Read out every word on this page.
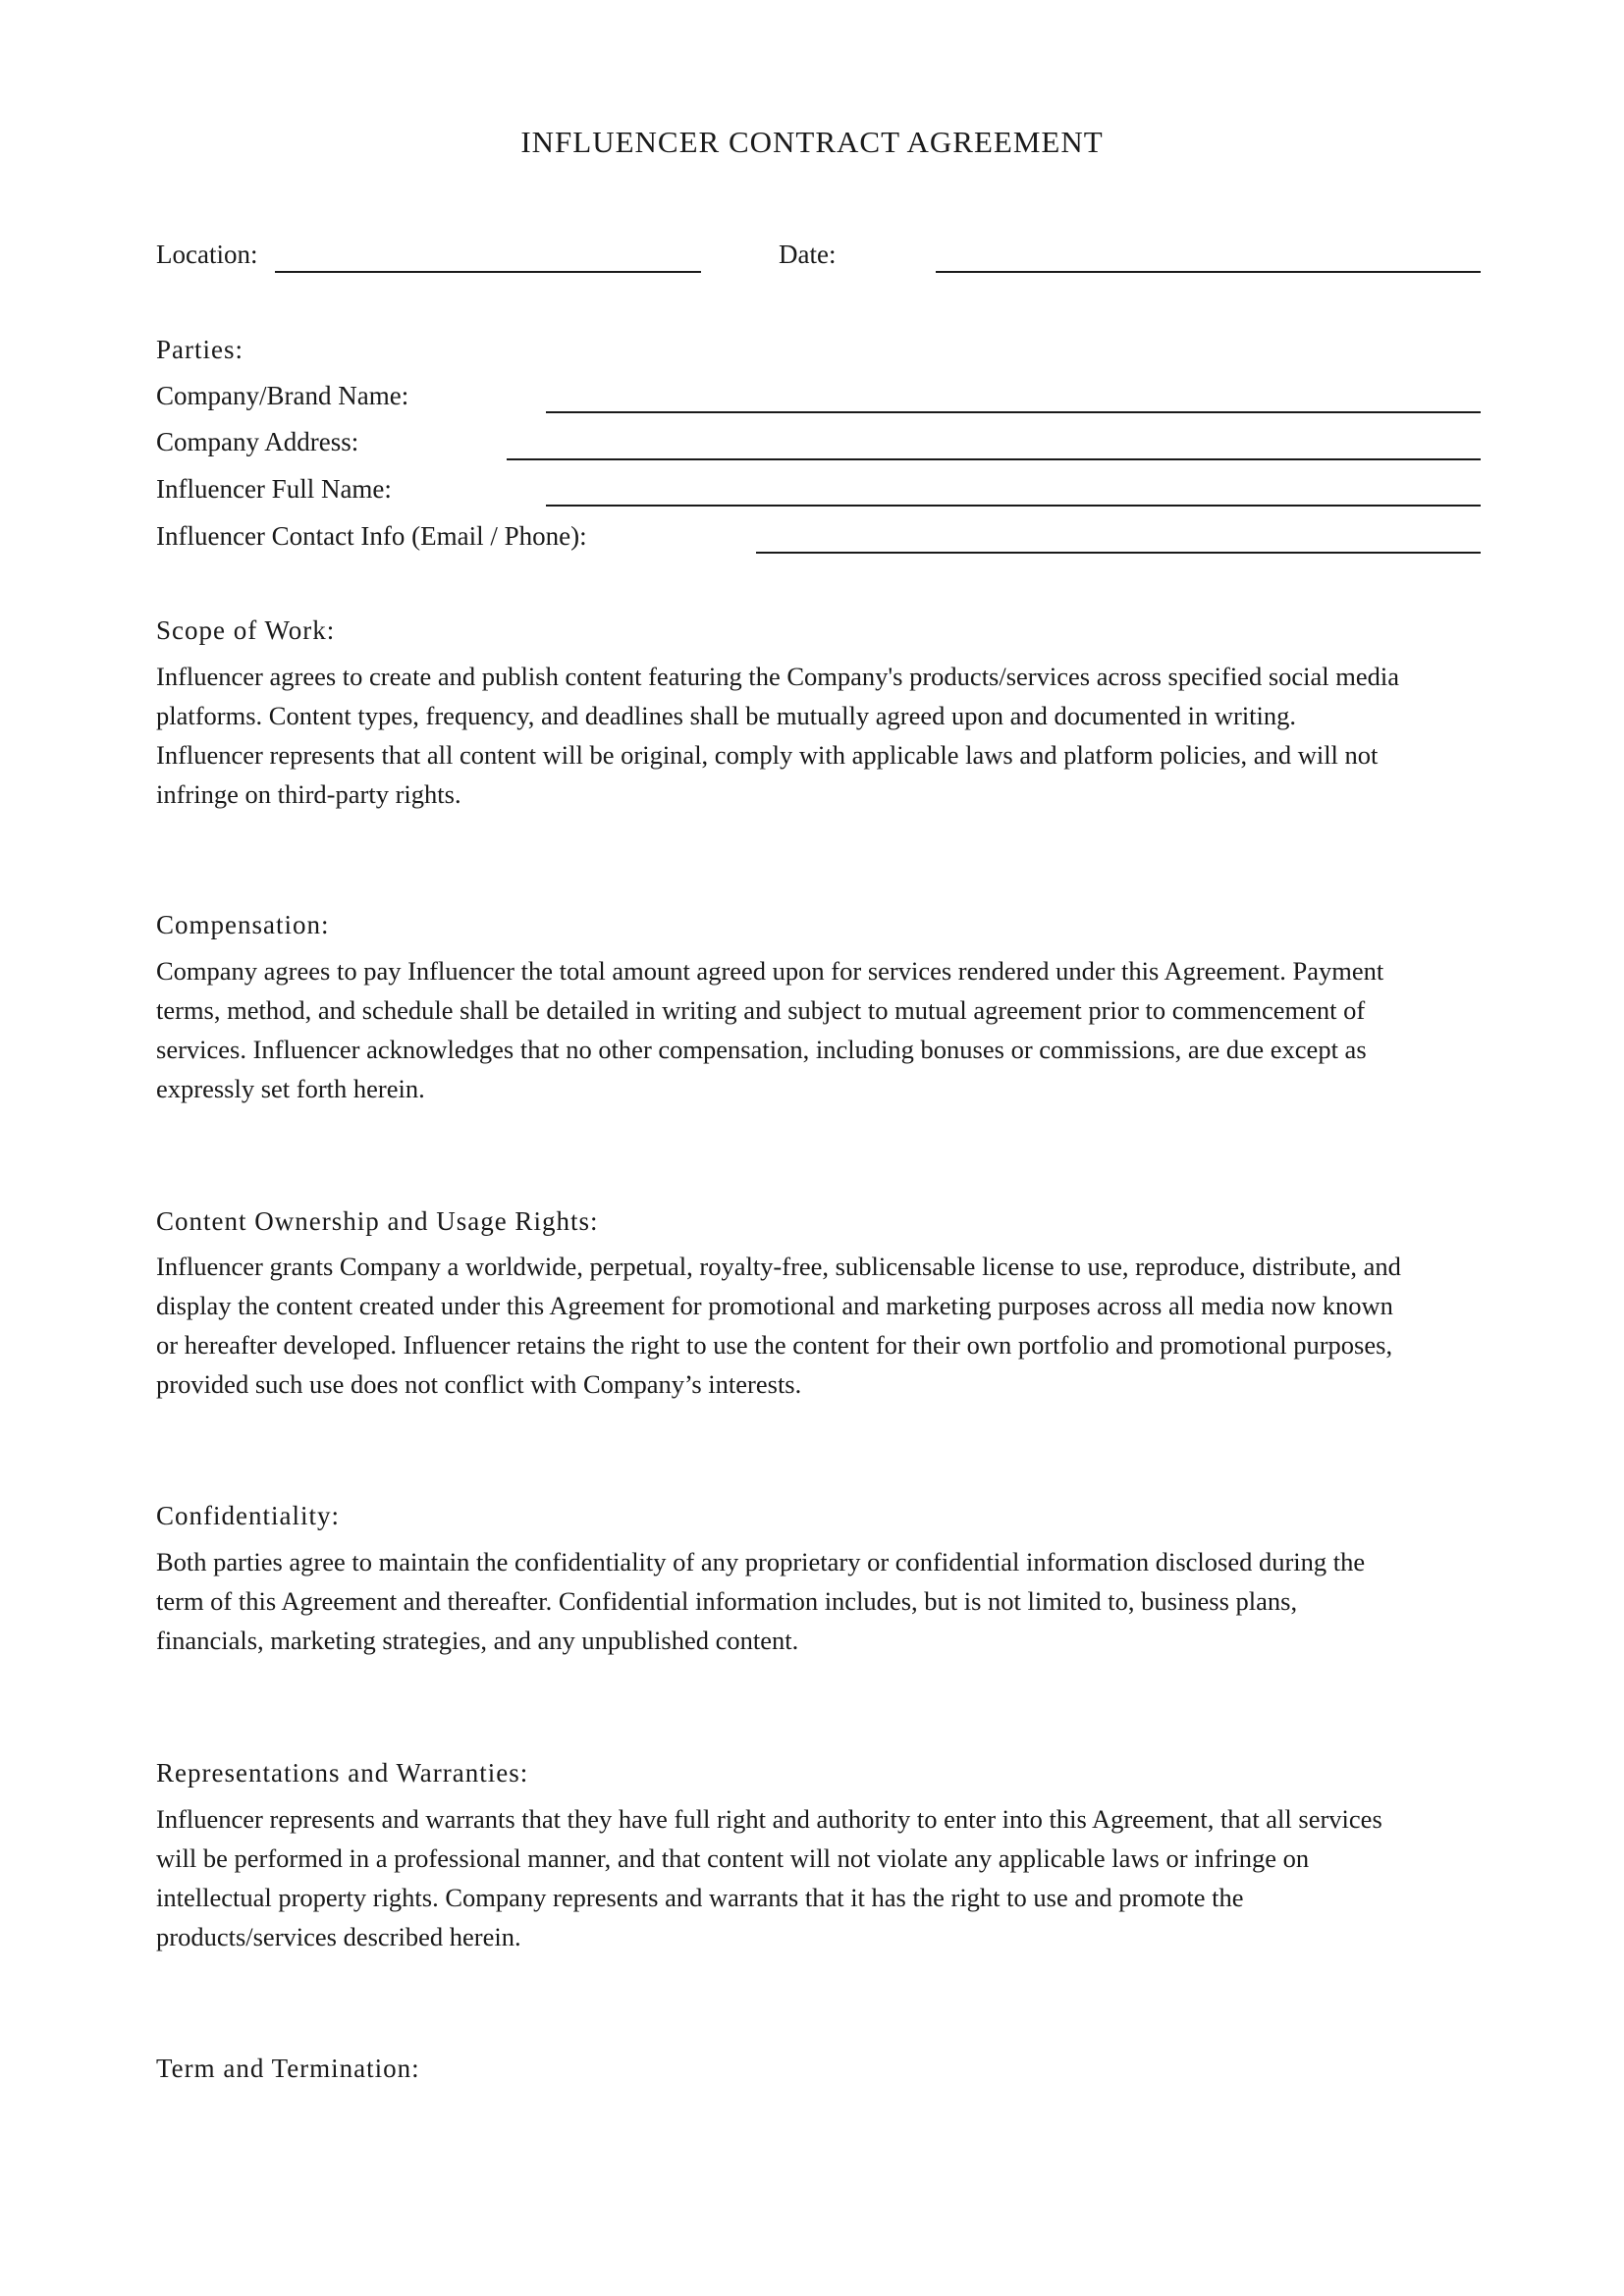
INFLUENCER CONTRACT AGREEMENT
Location:	Date:
Parties:
Company/Brand Name:
Company Address:
Influencer Full Name:
Influencer Contact Info (Email / Phone):
Scope of Work:
Influencer agrees to create and publish content featuring the Company's products/services across specified social media
platforms. Content types, frequency, and deadlines shall be mutually agreed upon and documented in writing.
Influencer represents that all content will be original, comply with applicable laws and platform policies, and will not
infringe on third-party rights.
Compensation:
Company agrees to pay Influencer the total amount agreed upon for services rendered under this Agreement. Payment
terms, method, and schedule shall be detailed in writing and subject to mutual agreement prior to commencement of
services. Influencer acknowledges that no other compensation, including bonuses or commissions, are due except as
expressly set forth herein.
Content Ownership and Usage Rights:
Influencer grants Company a worldwide, perpetual, royalty-free, sublicensable license to use, reproduce, distribute, and
display the content created under this Agreement for promotional and marketing purposes across all media now known
or hereafter developed. Influencer retains the right to use the content for their own portfolio and promotional purposes,
provided such use does not conflict with Company’s interests.
Confidentiality:
Both parties agree to maintain the confidentiality of any proprietary or confidential information disclosed during the
term of this Agreement and thereafter. Confidential information includes, but is not limited to, business plans,
financials, marketing strategies, and any unpublished content.
Representations and Warranties:
Influencer represents and warrants that they have full right and authority to enter into this Agreement, that all services
will be performed in a professional manner, and that content will not violate any applicable laws or infringe on
intellectual property rights. Company represents and warrants that it has the right to use and promote the
products/services described herein.
Term and Termination:
